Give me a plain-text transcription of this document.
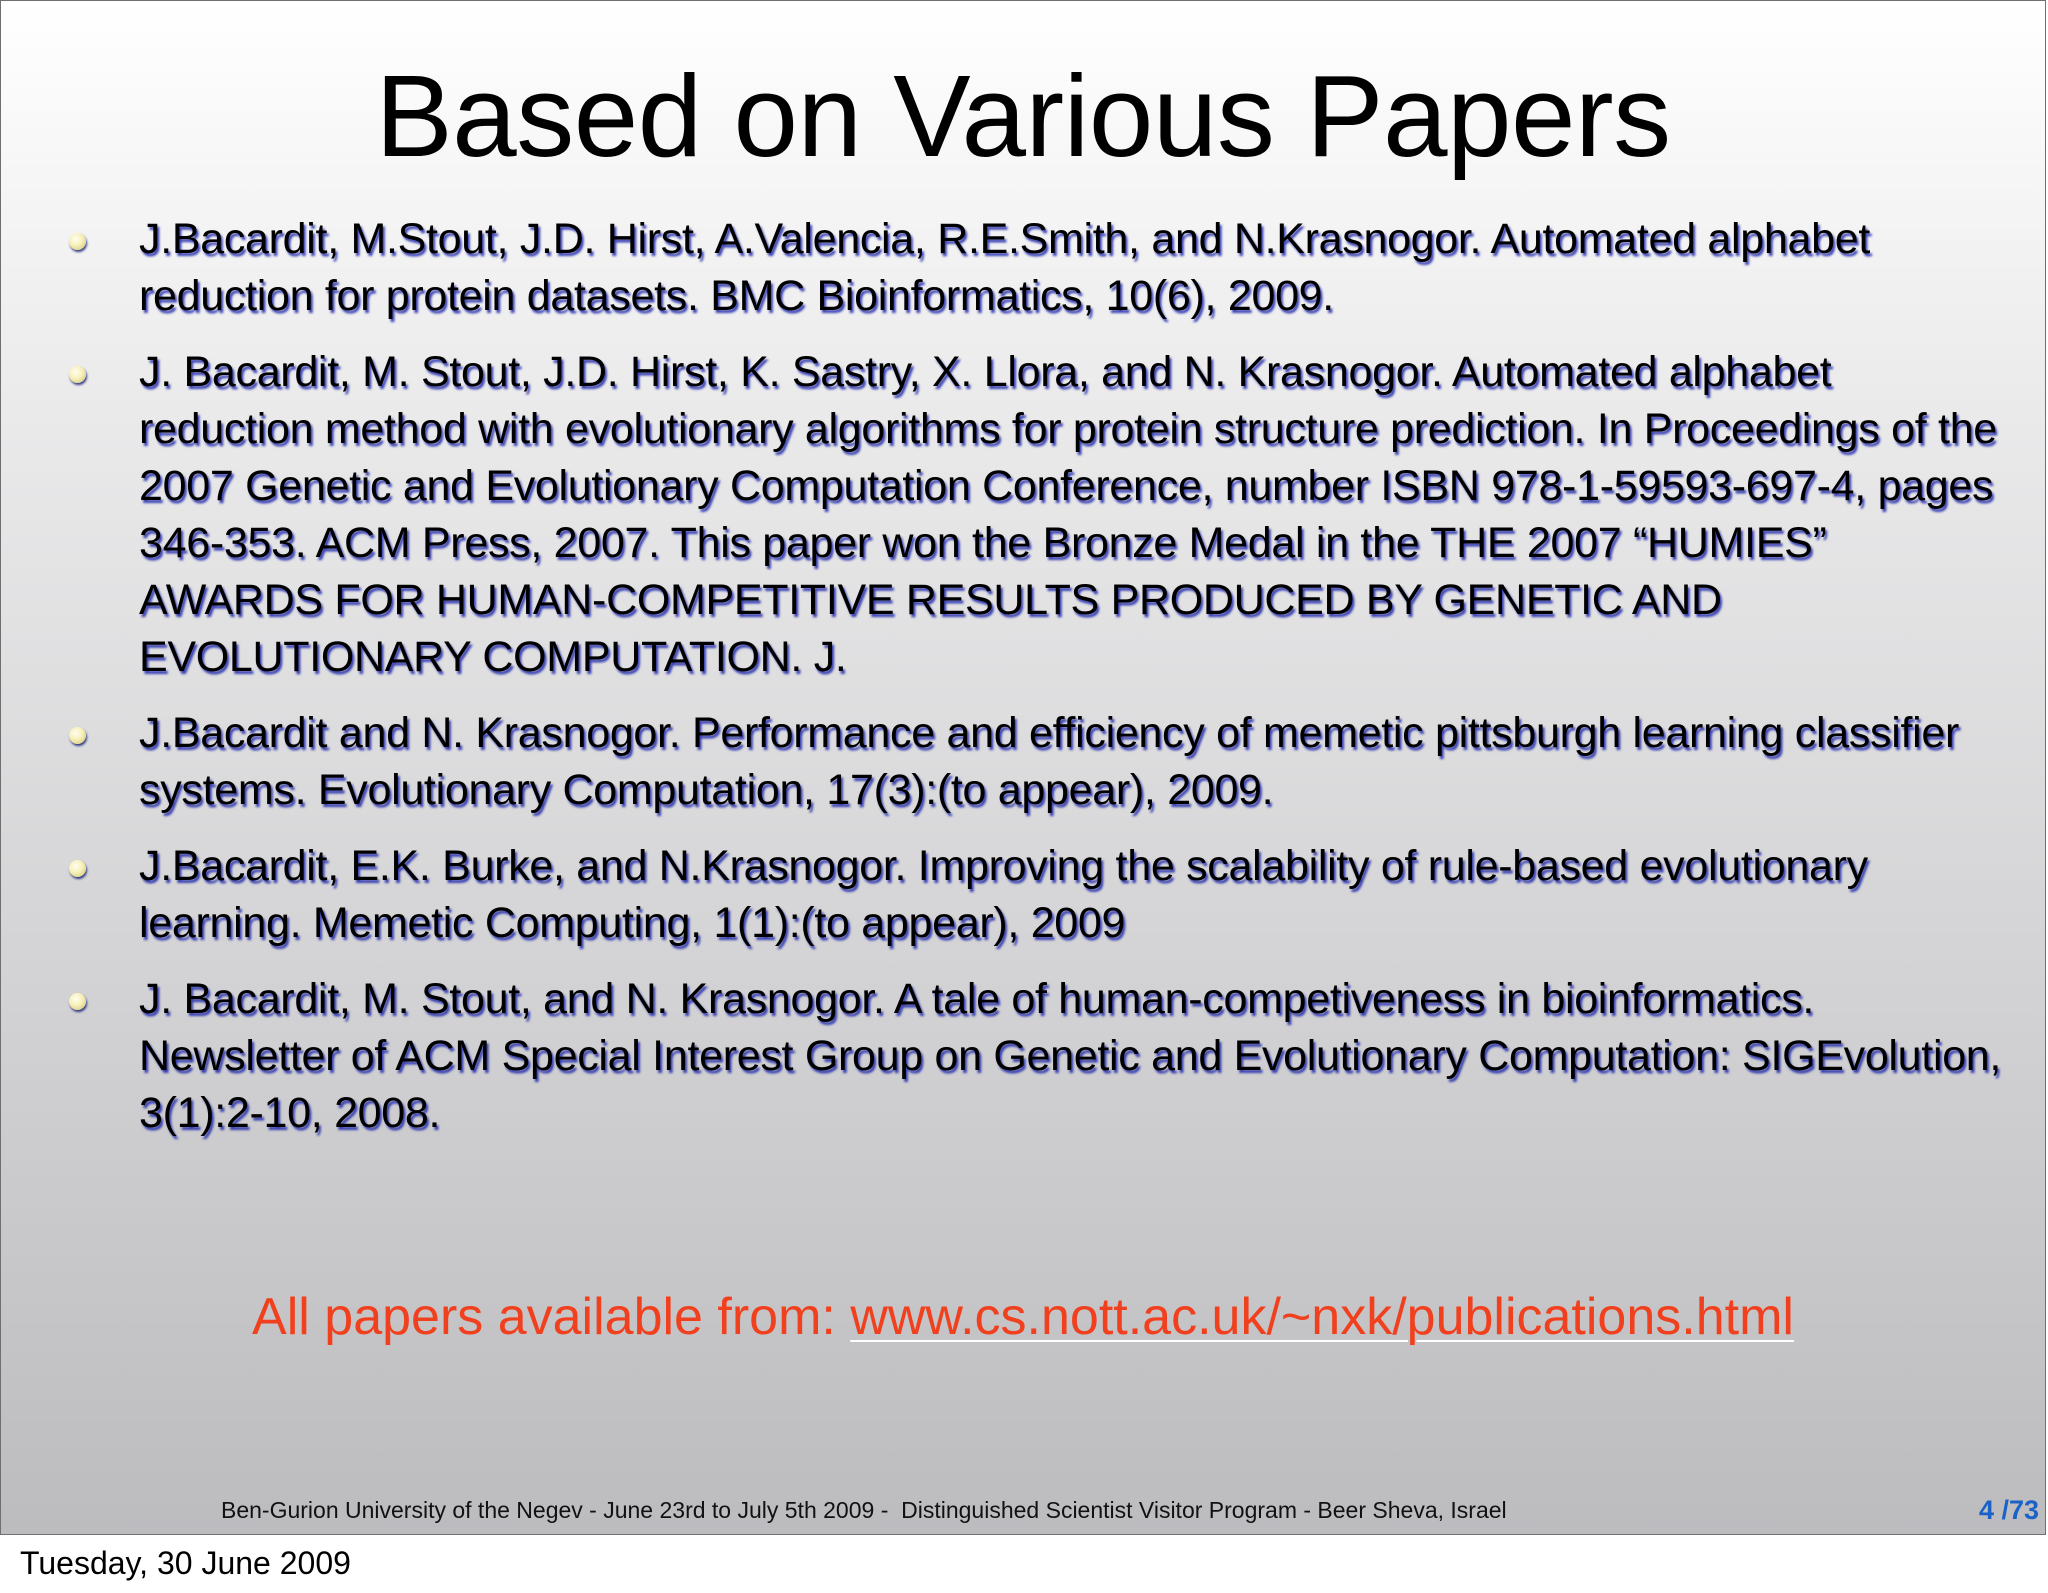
Based on Various Papers
J.Bacardit, M.Stout, J.D. Hirst, A.Valencia, R.E.Smith, and N.Krasnogor. Automated alphabet reduction for protein datasets. BMC Bioinformatics, 10(6), 2009.
J. Bacardit, M. Stout, J.D. Hirst, K. Sastry, X. Llora, and N. Krasnogor. Automated alphabet reduction method with evolutionary algorithms for protein structure prediction. In Proceedings of the 2007 Genetic and Evolutionary Computation Conference, number ISBN 978-1-59593-697-4, pages 346-353. ACM Press, 2007. This paper won the Bronze Medal in the THE 2007 “HUMIES” AWARDS FOR HUMAN-COMPETITIVE RESULTS PRODUCED BY GENETIC AND EVOLUTIONARY COMPUTATION. J.
J.Bacardit and N. Krasnogor. Performance and efficiency of memetic pittsburgh learning classifier systems. Evolutionary Computation, 17(3):(to appear), 2009.
J.Bacardit, E.K. Burke, and N.Krasnogor. Improving the scalability of rule-based evolutionary learning. Memetic Computing, 1(1):(to appear), 2009
J. Bacardit, M. Stout, and N. Krasnogor. A tale of human-competiveness in bioinformatics. Newsletter of ACM Special Interest Group on Genetic and Evolutionary Computation: SIGEvolution, 3(1):2-10, 2008.
All papers available from: www.cs.nott.ac.uk/~nxk/publications.html
Ben-Gurion University of the Negev - June 23rd to July 5th 2009 -  Distinguished Scientist Visitor Program - Beer Sheva, Israel	4 /73
Tuesday, 30 June 2009
